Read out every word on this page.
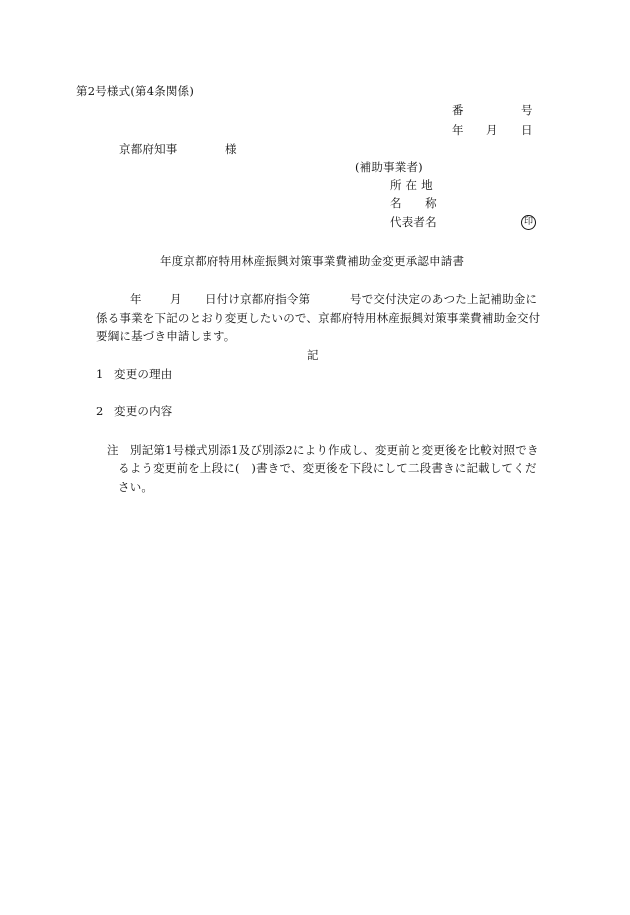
第2号様式(第4条関係)
番	号
年 月 日
京都府知事	様
(補助事業者)
所 在 地
名　　称
代表者名	印
年度京都府特用林産振興対策事業費補助金変更承認申請書
年 月 日付け京都府指令第	号で交付決定のあつた上記補助金に
係る事業を下記のとおり変更したいので、京都府特用林産振興対策事業費補助金交付
要綱に基づき申請します。
記
1 変更の理由
2 変更の内容
注 別記第1号様式別添1及び別添2により作成し、変更前と変更後を比較対照でき
るよう変更前を上段に(　)書きで、変更後を下段にして二段書きに記載してくだ
さい。
